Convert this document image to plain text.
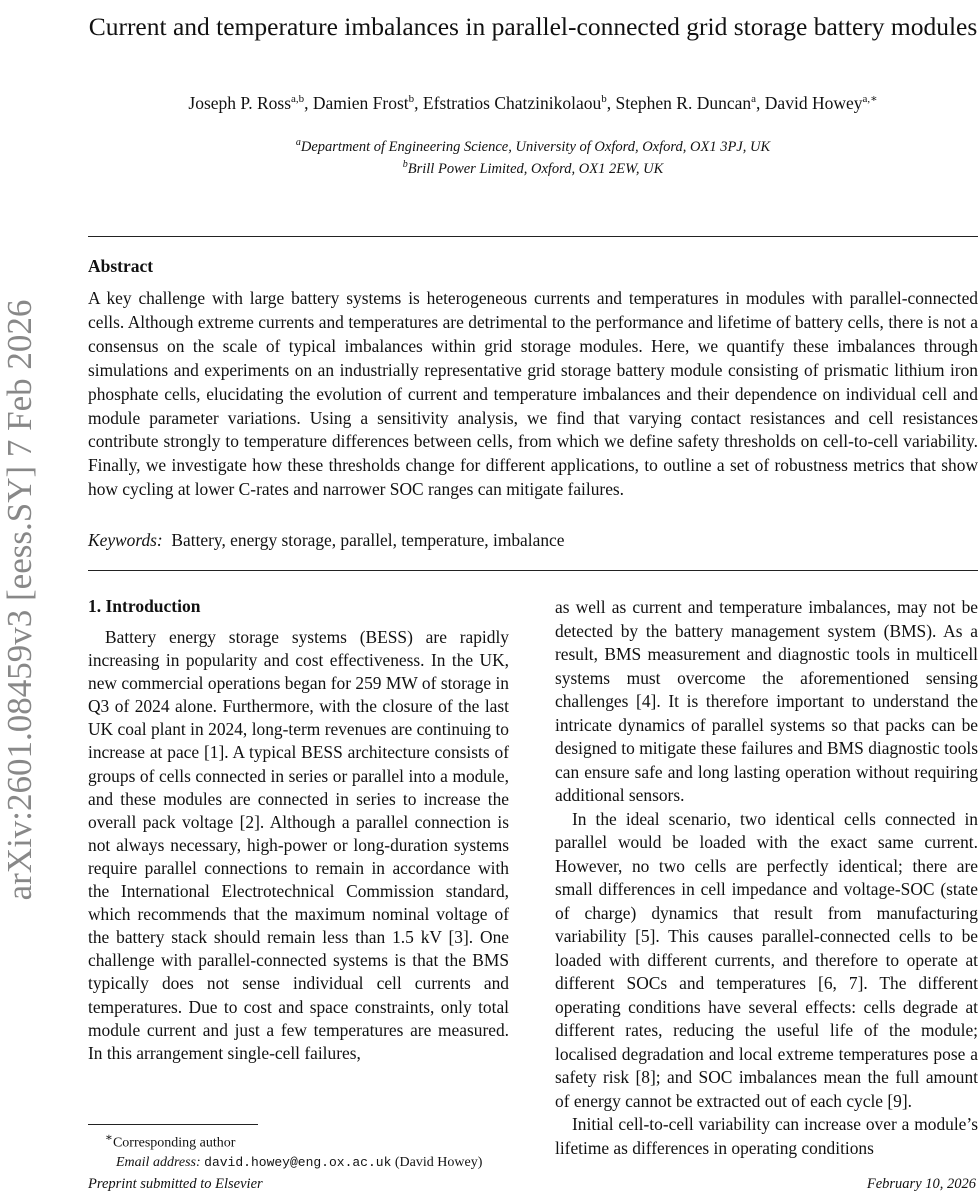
arXiv:2601.08459v3 [eess.SY] 7 Feb 2026
Current and temperature imbalances in parallel-connected grid storage battery modules
Joseph P. Ross$^{a,b}$, Damien Frost$^b$, Efstratios Chatzinikolaou$^b$, Stephen R. Duncan$^a$, David Howey$^{a,∗}$
$^a$Department of Engineering Science, University of Oxford, Oxford, OX1 3PJ, UK
$^b$Brill Power Limited, Oxford, OX1 2EW, UK
Abstract

A key challenge with large battery systems is heterogeneous currents and temperatures in modules with parallel-connected cells. Although extreme currents and temperatures are detrimental to the performance and lifetime of battery cells, there is not a consensus on the scale of typical imbalances within grid storage modules. Here, we quantify these imbalances through simulations and experiments on an industrially representative grid storage battery module consisting of prismatic lithium iron phosphate cells, elucidating the evolution of current and temperature imbalances and their dependence on individual cell and module parameter variations. Using a sensitivity analysis, we find that varying contact resistances and cell resistances contribute strongly to temperature differences between cells, from which we define safety thresholds on cell-to-cell variability. Finally, we investigate how these thresholds change for different applications, to outline a set of robustness metrics that show how cycling at lower C-rates and narrower SOC ranges can mitigate failures.

Keywords: Battery, energy storage, parallel, temperature, imbalance
1. Introduction

Battery energy storage systems (BESS) are rapidly increasing in popularity and cost effectiveness. In the UK, new commercial operations began for 259 MW of storage in Q3 of 2024 alone. Furthermore, with the closure of the last UK coal plant in 2024, long-term revenues are continuing to increase at pace [1]. A typical BESS architecture consists of groups of cells connected in series or parallel into a module, and these modules are connected in series to increase the overall pack voltage [2]. Although a parallel connection is not always necessary, high-power or long-duration systems require parallel connections to remain in accordance with the International Electrotechnical Commission standard, which recommends that the maximum nominal voltage of the battery stack should remain less than 1.5 kV [3]. One challenge with parallel-connected systems is that the BMS typically does not sense individual cell currents and temperatures. Due to cost and space constraints, only total module current and just a few temperatures are measured. In this arrangement single-cell failures,

as well as current and temperature imbalances, may not be detected by the battery management system (BMS). As a result, BMS measurement and diagnostic tools in multicell systems must overcome the aforementioned sensing challenges [4]. It is therefore important to understand the intricate dynamics of parallel systems so that packs can be designed to mitigate these failures and BMS diagnostic tools can ensure safe and long lasting operation without requiring additional sensors.

In the ideal scenario, two identical cells connected in parallel would be loaded with the exact same current. However, no two cells are perfectly identical; there are small differences in cell impedance and voltage-SOC (state of charge) dynamics that result from manufacturing variability [5]. This causes parallel-connected cells to be loaded with different currents, and therefore to operate at different SOCs and temperatures [6, 7]. The different operating conditions have several effects: cells degrade at different rates, reducing the useful life of the module; localised degradation and local extreme temperatures pose a safety risk [8]; and SOC imbalances mean the full amount of energy cannot be extracted out of each cycle [9].

Initial cell-to-cell variability can increase over a module’s lifetime as differences in operating conditions

∗Corresponding author
Email address: david.howey@eng.ox.ac.uk (David Howey)
Preprint submitted to Elsevier	February 10, 2026
